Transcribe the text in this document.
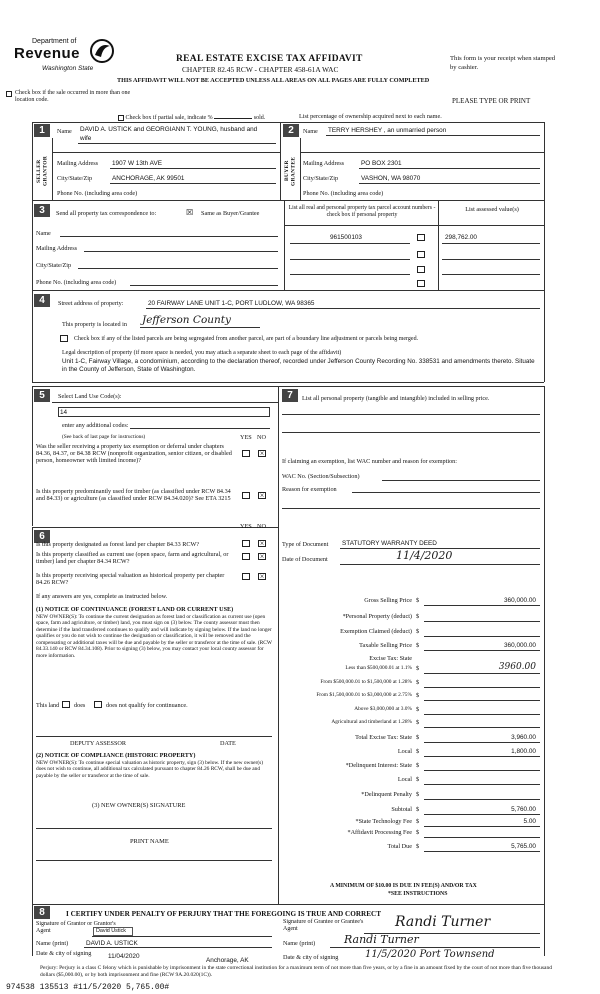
Department of
Revenue
Washington State
REAL ESTATE EXCISE TAX AFFIDAVIT
CHAPTER 82.45 RCW - CHAPTER 458-61A WAC
THIS AFFIDAVIT WILL NOT BE ACCEPTED UNLESS ALL AREAS ON ALL PAGES ARE FULLY COMPLETED
This form is your receipt when stamped by cashier.
Check box if the sale occurred in more than one location code.	PLEASE TYPE OR PRINT
Check box if partial sale, indicate %	sold.	List percentage of ownership acquired next to each name.
1
SELLER GRANTOR
Name DAVID A. USTICK and GEORGIANN T. YOUNG, husband and wife
Mailing Address 1907 W 13th AVE
City/State/Zip	ANCHORAGE, AK 99501
Phone No. (including area code)
2
BUYER GRANTEE
Name TERRY HERSHEY , an unmarried person
Mailing Address	PO BOX 2301
City/State/Zip	VASHON, WA 98070
Phone No. (including area code)
3	Send all property tax correspondence to:	☒ Same as Buyer/Grantee
Name
Mailing Address
City/State/Zip
Phone No. (including area code)
List all real and personal property tax parcel account numbers - check box if personal property
List assessed value(s)
961500103	298,762.00
4	Street address of property:	20 FAIRWAY LANE UNIT 1-C, PORT LUDLOW, WA 98365
This property is located in Jefferson County
Check box if any of the listed parcels are being segregated from another parcel, are part of a boundary line adjustment or parcels being merged.
Legal description of property (if more space is needed, you may attach a separate sheet to each page of the affidavit)
Unit 1-C, Fairway Village, a condominium, according to the declaration thereof, recorded under Jefferson County Recording No. 338531 and amendments thereto. Situate in the County of Jefferson, State of Washington.
5	Select Land Use Code(s):
14
enter any additional codes:
(See back of last page for instructions)	YES NO
Was the seller receiving a property tax exemption or deferral under chapters 84.36, 84.37, or 84.38 RCW (nonprofit organization, senior citizen, or disabled person, homeowner with limited income)?
×
Is this property predominantly used for timber (as classified under RCW 84.34 and 84.33) or agriculture (as classified under RCW 84.34.020)? See ETA 3215
×
6
YES NO
Is this property designated as forest land per chapter 84.33 RCW?
×
Is this property classified as current use (open space, farm and agricultural, or timber) land per chapter 84.34 RCW?
×
Is this property receiving special valuation as historical property per chapter 84.26 RCW?
×
If any answers are yes, complete as instructed below.
(1) NOTICE OF CONTINUANCE (FOREST LAND OR CURRENT USE)
NEW OWNER(S): To continue the current designation as forest land or classification as current use (open space, farm and agriculture, or timber) land, you must sign on (3) below. The county assessor must then determine if the land transferred continues to qualify and will indicate by signing below. If the land no longer qualifies or you do not wish to continue the designation or classification, it will be removed and the compensating or additional taxes will be due and payable by the seller or transferor at the time of sale. (RCW 84.33.140 or RCW 84.34.108). Prior to signing (3) below, you may contact your local county assessor for more information.
This land does	does not qualify for continuance.
DEPUTY ASSESSOR	DATE
(2) NOTICE OF COMPLIANCE (HISTORIC PROPERTY)
NEW OWNER(S): To continue special valuation as historic property, sign (3) below. If the new owner(s) does not wish to continue, all additional tax calculated pursuant to chapter 84.26 RCW, shall be due and payable by the seller or transferor at the time of sale.
(3) NEW OWNER(S) SIGNATURE
PRINT NAME
7	List all personal property (tangible and intangible) included in selling price.
If claiming an exemption, list WAC number and reason for exemption:
WAC No. (Section/Subsection)
Reason for exemption
Type of Document STATUTORY WARRANTY DEED
Date of Document	11/4/2020
Gross Selling Price $	360,000.00
*Personal Property (deduct) $
Exemption Claimed (deduct) $
Taxable Selling Price $	360,000.00
Excise Tax: State
Less than $500,000.01 at 1.1% $	3960.00
From $500,000.01 to $1,500,000 at 1.28% $
From $1,500,000.01 to $3,000,000 at 2.75% $
Above $3,000,000 at 3.0% $
Agricultural and timberland at 1.28% $
Total Excise Tax: State $	3,960.00
Local $	1,800.00
*Delinquent Interest: State $
Local $
*Delinquent Penalty $
Subtotal $	5,760.00
*State Technology Fee $	5.00
*Affidavit Processing Fee $
Total Due $	5,765.00
A MINIMUM OF $10.00 IS DUE IN FEE(S) AND/OR TAX
*SEE INSTRUCTIONS
8	I CERTIFY UNDER PENALTY OF PERJURY THAT THE FOREGOING IS TRUE AND CORRECT
Signature of Grantor or Grantor's Agent	David Ustick
Name (print)	DAVID A. USTICK
Date & city of signing	11/04/2020
Anchorage, AK
Signature of Grantee or Grantee's Agent	Randi Turner
Name (print)	Randi Turner
Date & city of signing	11/5/2020 Port Townsend
Perjury: Perjury is a class C felony which is punishable by imprisonment in the state correctional institution for a maximum term of not more than five years, or by a fine in an amount fixed by the court of not more than five thousand dollars ($5,000.00), or by both imprisonment and fine (RCW 9A.20.020(1C)).
974538 135513 #11/5/2020 5,765.00#
